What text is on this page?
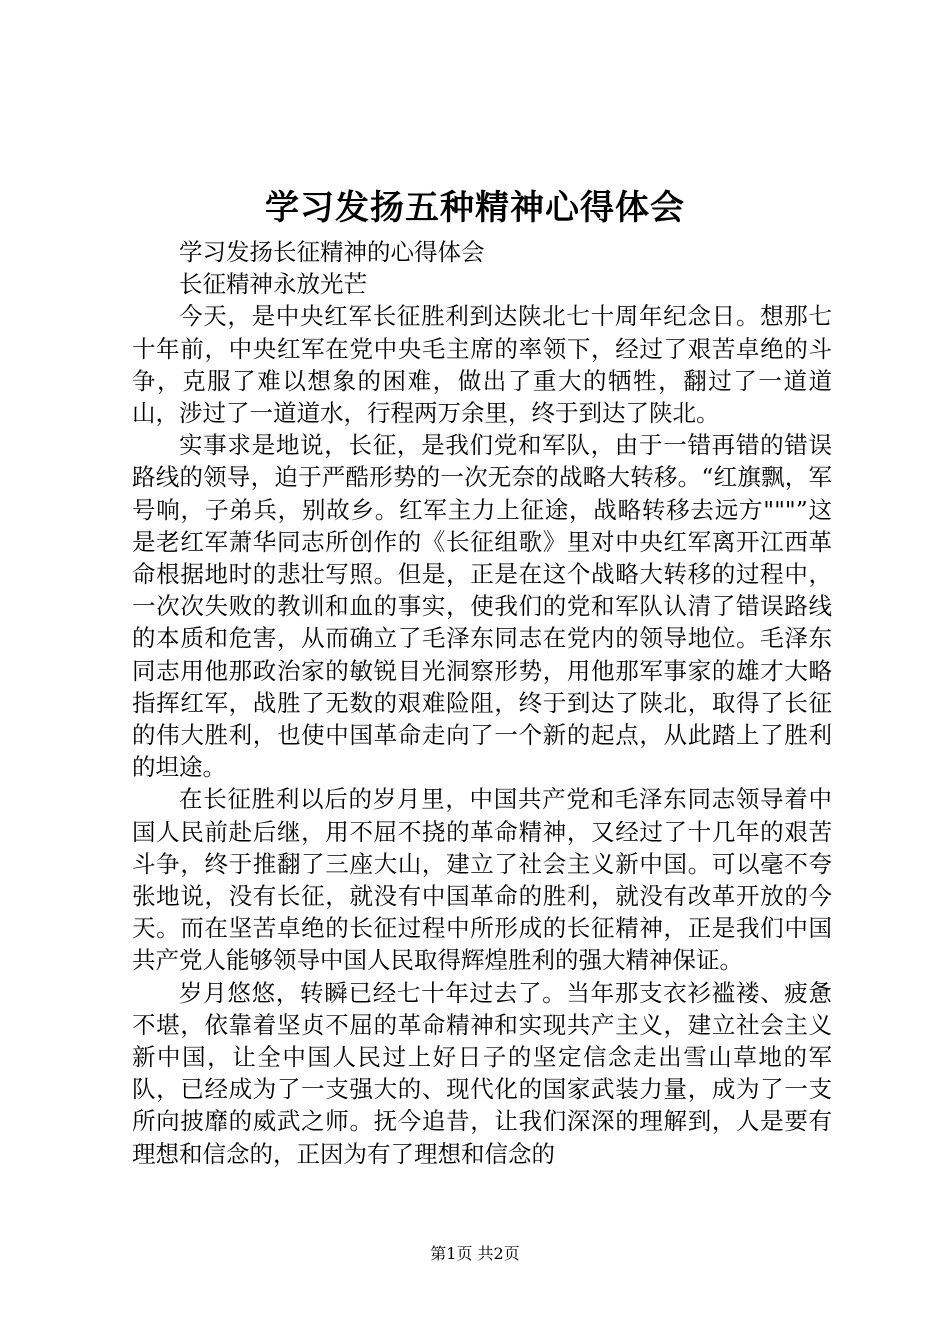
学习发扬五种精神心得体会

学习发扬长征精神的心得体会

长征精神永放光芒

今天，是中央红军长征胜利到达陕北七十周年纪念日。想那七十年前，中央红军在党中央毛主席的率领下，经过了艰苦卓绝的斗争，克服了难以想象的困难，做出了重大的牺牲，翻过了一道道山，涉过了一道道水，行程两万余里，终于到达了陕北。

实事求是地说，长征，是我们党和军队，由于一错再错的错误路线的领导，迫于严酷形势的一次无奈的战略大转移。“红旗飘，军号响，子弟兵，别故乡。红军主力上征途，战略转移去远方"""”这是老红军萧华同志所创作的《长征组歌》里对中央红军离开江西革命根据地时的悲壮写照。但是，正是在这个战略大转移的过程中，一次次失败的教训和血的事实，使我们的党和军队认清了错误路线的本质和危害，从而确立了毛泽东同志在党内的领导地位。毛泽东同志用他那政治家的敏锐目光洞察形势，用他那军事家的雄才大略指挥红军，战胜了无数的艰难险阻，终于到达了陕北，取得了长征的伟大胜利，也使中国革命走向了一个新的起点，从此踏上了胜利的坦途。

在长征胜利以后的岁月里，中国共产党和毛泽东同志领导着中国人民前赴后继，用不屈不挠的革命精神，又经过了十几年的艰苦斗争，终于推翻了三座大山，建立了社会主义新中国。可以毫不夸张地说，没有长征，就没有中国革命的胜利，就没有改革开放的今天。而在坚苦卓绝的长征过程中所形成的长征精神，正是我们中国共产党人能够领导中国人民取得辉煌胜利的强大精神保证。

岁月悠悠，转瞬已经七十年过去了。当年那支衣衫褴褛、疲惫不堪，依靠着坚贞不屈的革命精神和实现共产主义，建立社会主义新中国，让全中国人民过上好日子的坚定信念走出雪山草地的军队，已经成为了一支强大的、现代化的国家武装力量，成为了一支所向披靡的威武之师。抚今追昔，让我们深深的理解到，人是要有理想和信念的，正因为有了理想和信念的

第1页 共2页
